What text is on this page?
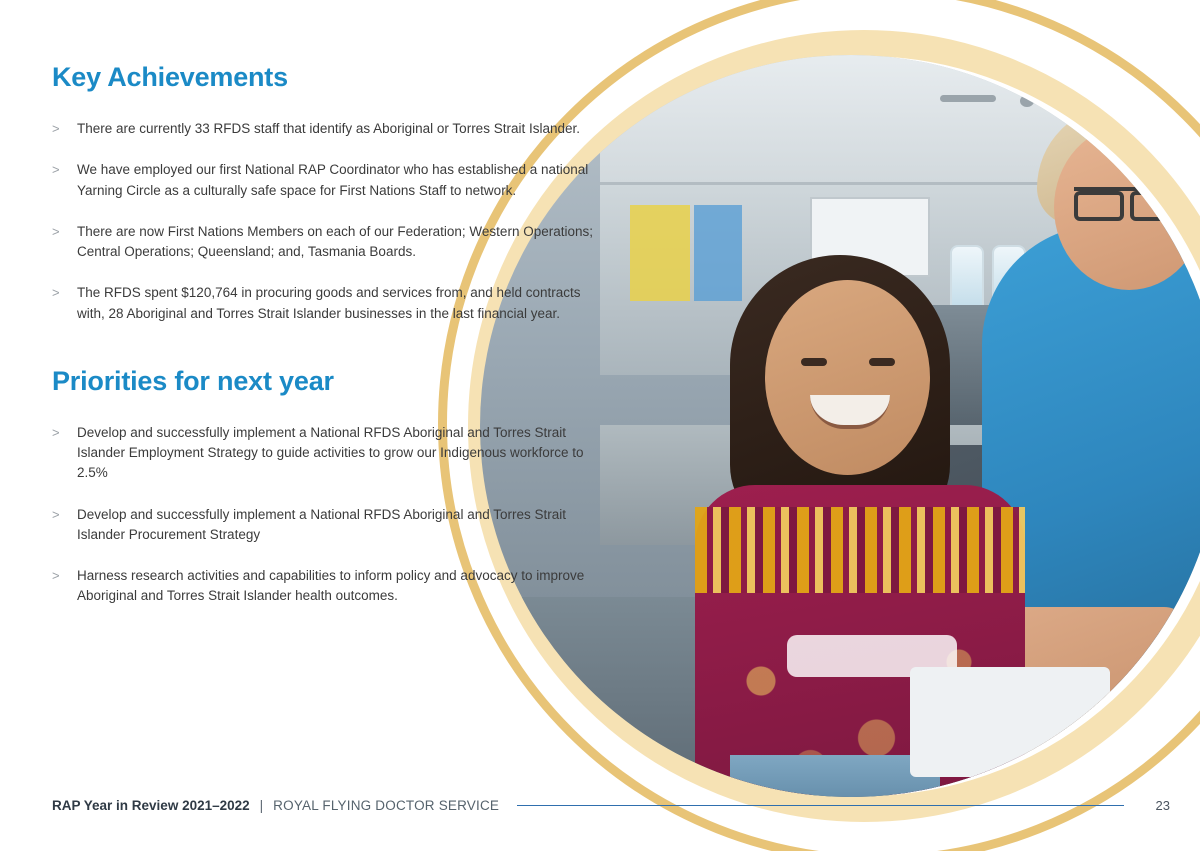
Key Achievements
> There are currently 33 RFDS staff that identify as Aboriginal or Torres Strait Islander.
> We have employed our first National RAP Coordinator who has established a national Yarning Circle as a culturally safe space for First Nations Staff to network.
> There are now First Nations Members on each of our Federation; Western Operations; Central Operations; Queensland; and, Tasmania Boards.
> The RFDS spent $120,764 in procuring goods and services from, and held contracts with, 28 Aboriginal and Torres Strait Islander businesses in the last financial year.
Priorities for next year
> Develop and successfully implement a National RFDS Aboriginal and Torres Strait Islander Employment Strategy to guide activities to grow our Indigenous workforce to 2.5%
> Develop and successfully implement a National RFDS Aboriginal and Torres Strait Islander Procurement Strategy
> Harness research activities and capabilities to inform policy and advocacy to improve Aboriginal and Torres Strait Islander health outcomes.
RAP Year in Review 2021–2022 | ROYAL FLYING DOCTOR SERVICE	23
